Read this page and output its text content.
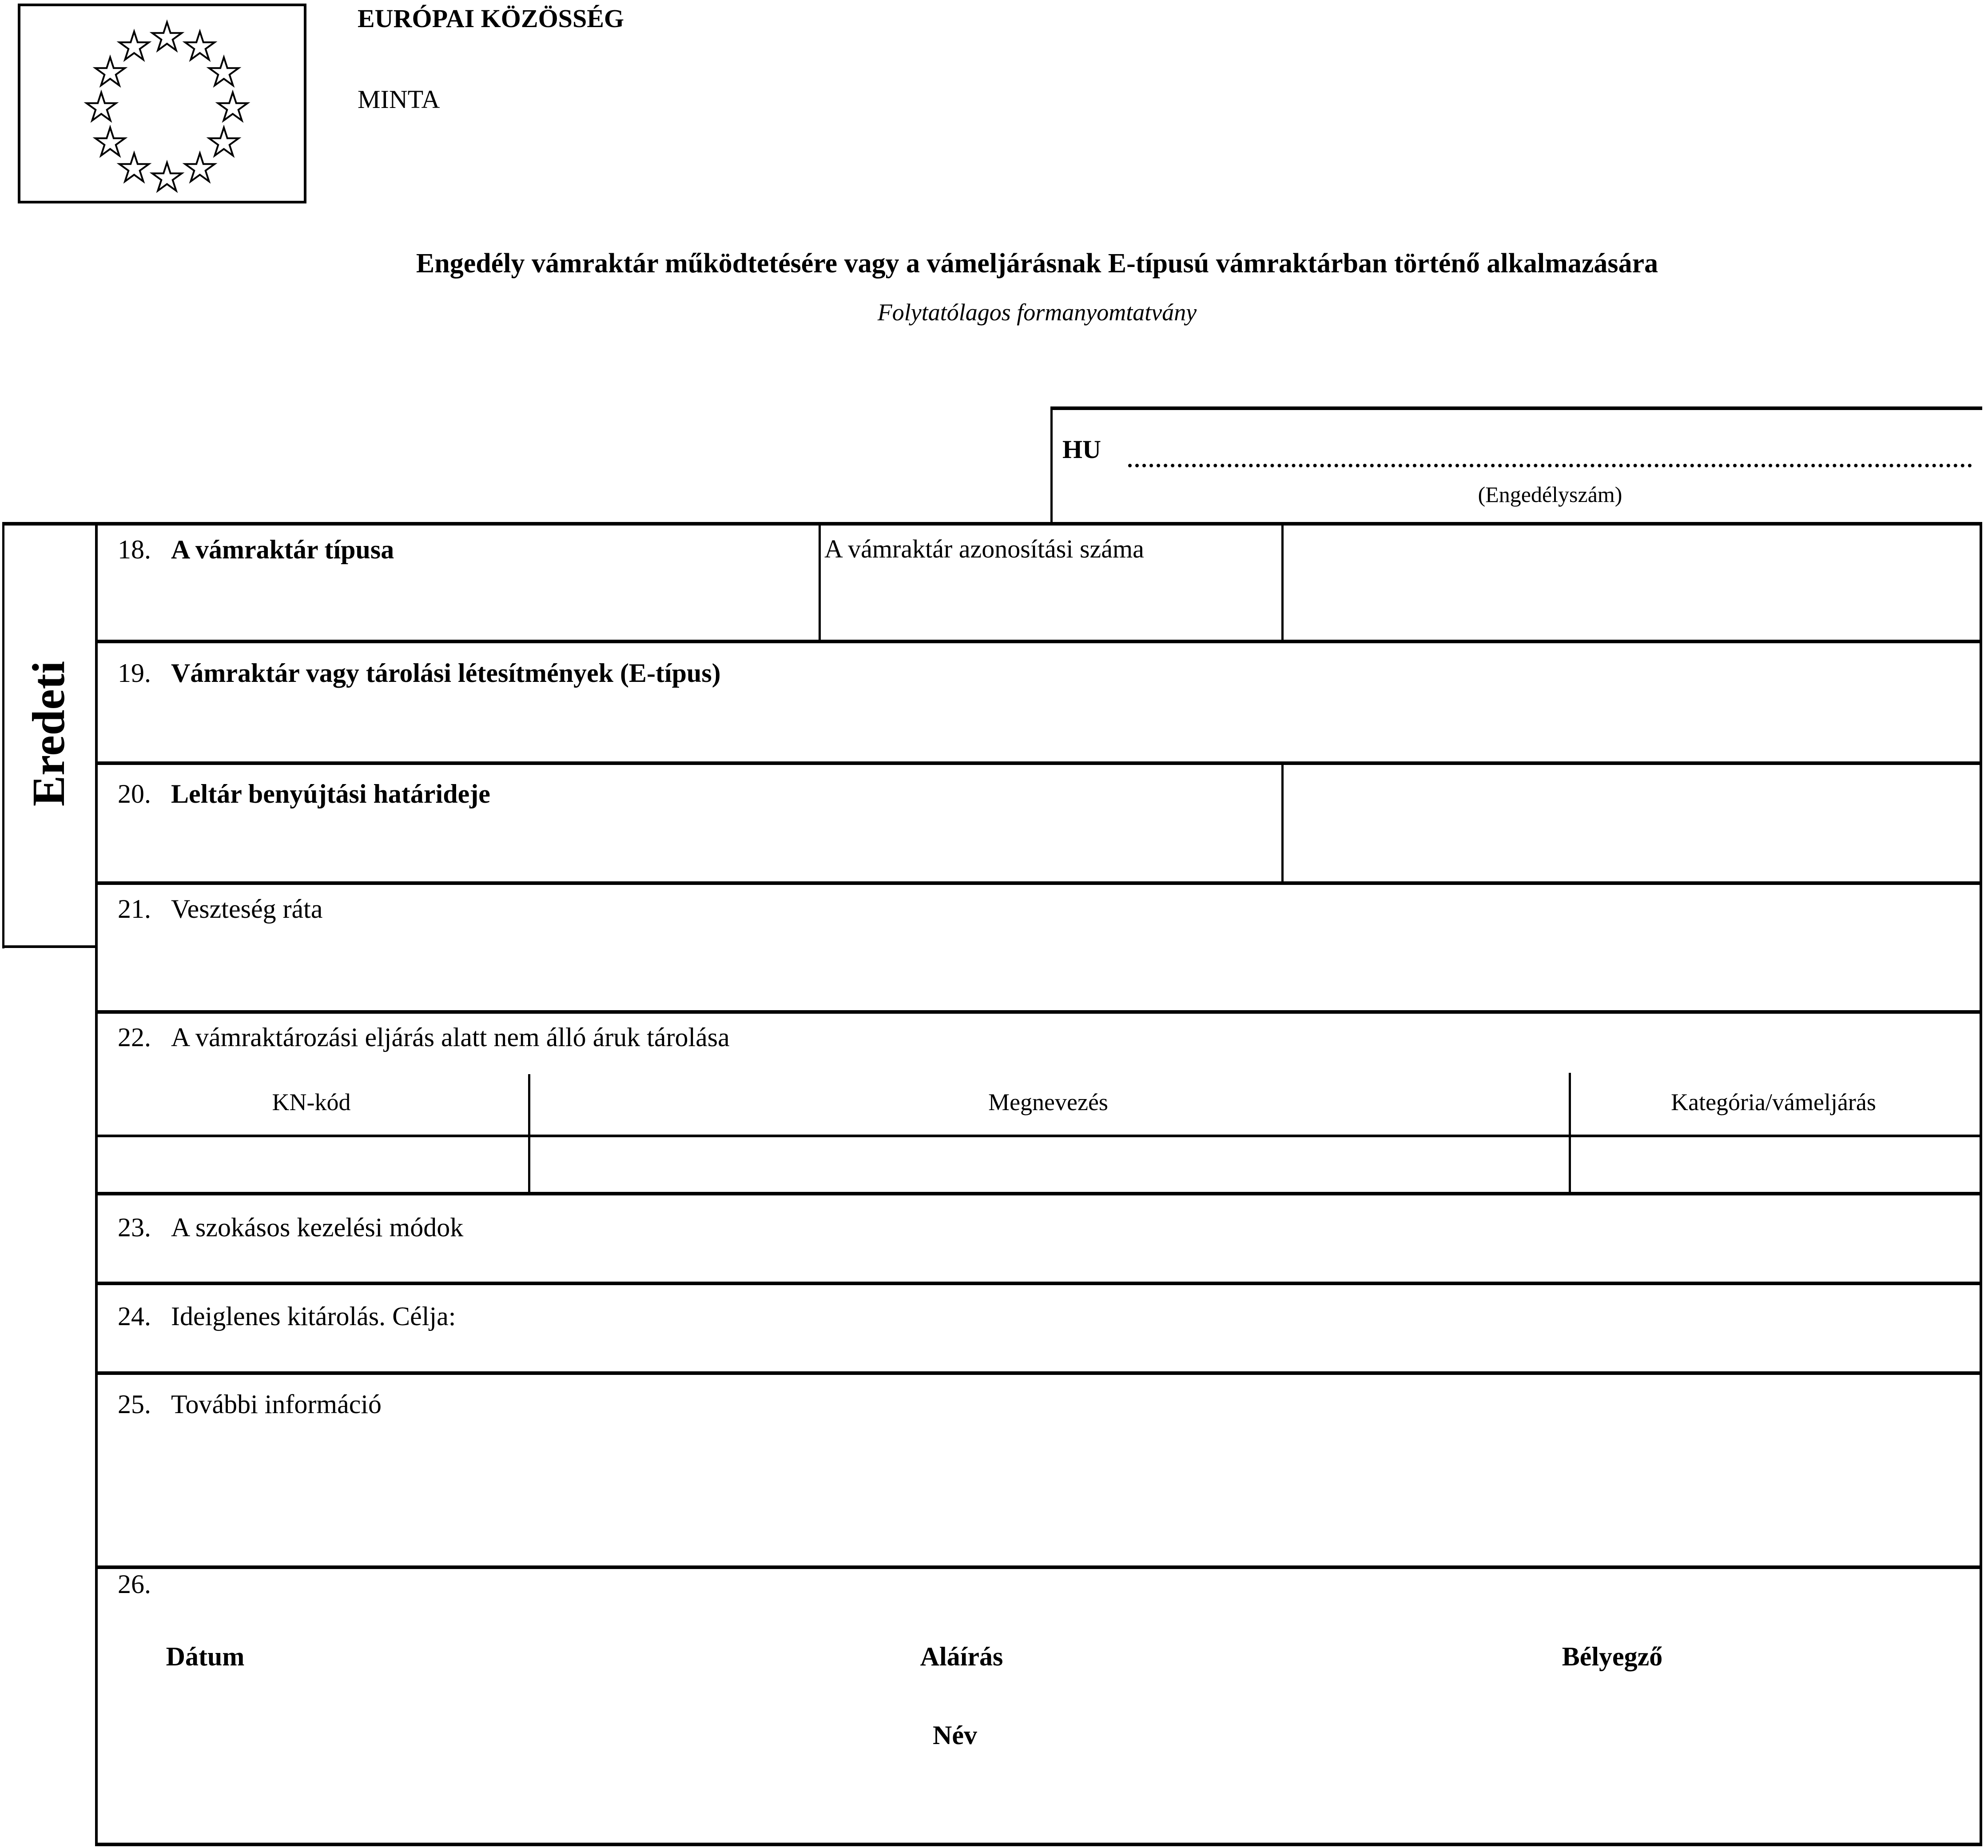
EURÓPAI KÖZÖSSÉG
MINTA
Engedély vámraktár működtetésére vagy a vámeljárásnak E-típusú vámraktárban történő alkalmazására
Folytatólagos formanyomtatvány
HU
(Engedélyszám)
Eredeti
18. A vámraktár típusa	A vámraktár azonosítási száma
19. Vámraktár vagy tárolási létesítmények (E-típus)
20. Leltár benyújtási határideje
21. Veszteség ráta
22. A vámraktározási eljárás alatt nem álló áruk tárolása
KN-kód	Megnevezés	Kategória/vámeljárás
23. A szokásos kezelési módok
24. Ideiglenes kitárolás. Célja:
25. További információ
26.
Dátum	Aláírás	Bélyegző
Név
